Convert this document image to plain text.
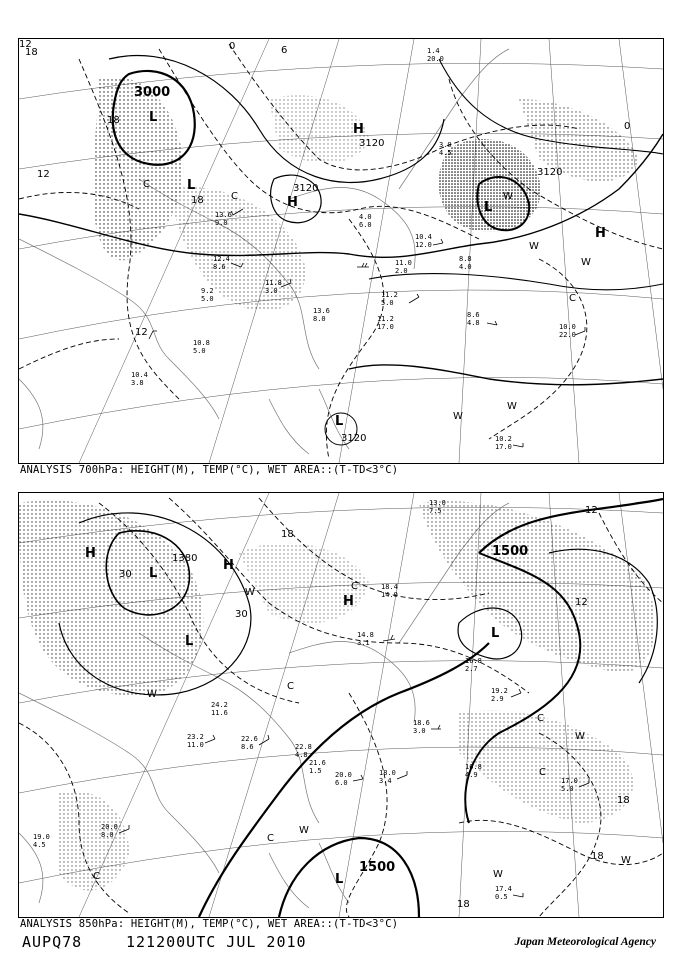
3000
3120
3120
3120
3120
18
18
12
12
6
0
0
12
L
L
L
L
H
H
H
C
C
C
W
W
W
W
W
13.6
9.0
12.4
8.6
11.8
3.0
10.4
12.0
11.0
2.0
8.8
4.0
11.2
5.0
11.2
17.0	10.0
22.0
10.2
17.0
8.6
4.8
10.4
3.8
10.8
5.0
9.2
5.0
13.6
8.0
4.0
6.0
3.0
4.5
1.4
20.0
18
ANALYSIS 700hPa: HEIGHT(M), TEMP(°C), WET AREA::(T-TD<3°C)
1380	1500
1500
18
18
18
30
30
12
12
18
L
L
L
L
H
H
H
C
C
C
C
C
C
W
W
W
W
W
W
23.2
11.0
24.2
11.6
22.6
8.6	22.8
4.8
21.6
1.5 20.0
6.0
18.0
3.4
19.2
2.9
16.8
4.9
17.0
5.0
20.0
8.0
19.0
4.5
17.4
0.5
18.4
14.0
16.8
2.7
14.8
3.1
18.6
3.0
13.0
7.5
ANALYSIS 850hPa: HEIGHT(M), TEMP(°C), WET AREA::(T-TD<3°C)
AUPQ78	121200UTC JUL 2010	Japan Meteorological Agency
